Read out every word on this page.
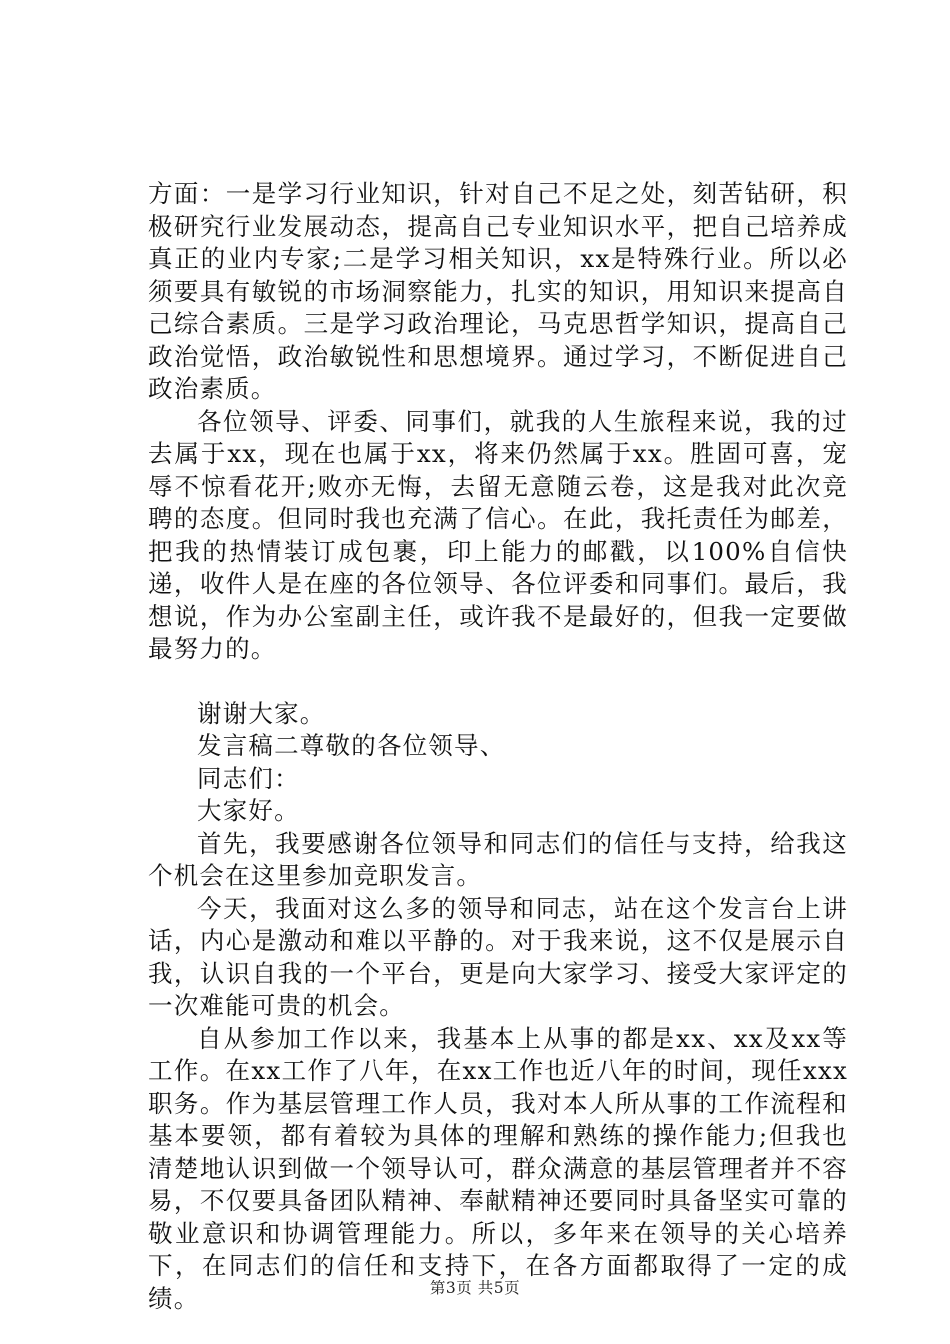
方面：一是学习行业知识，针对自己不足之处，刻苦钻研，积极研究行业发展动态，提高自己专业知识水平，把自己培养成真正的业内专家;二是学习相关知识，xx是特殊行业。所以必须要具有敏锐的市场洞察能力，扎实的知识，用知识来提高自己综合素质。三是学习政治理论，马克思哲学知识，提高自己政治觉悟，政治敏锐性和思想境界。通过学习，不断促进自己政治素质。

各位领导、评委、同事们，就我的人生旅程来说，我的过去属于xx，现在也属于xx，将来仍然属于xx。胜固可喜，宠辱不惊看花开;败亦无悔，去留无意随云卷，这是我对此次竞聘的态度。但同时我也充满了信心。在此，我托责任为邮差，把我的热情装订成包裹，印上能力的邮戳，以100%自信快递，收件人是在座的各位领导、各位评委和同事们。最后，我想说，作为办公室副主任，或许我不是最好的，但我一定要做最努力的。

谢谢大家。

发言稿二尊敬的各位领导、

同志们：

大家好。

首先，我要感谢各位领导和同志们的信任与支持，给我这个机会在这里参加竞职发言。

今天，我面对这么多的领导和同志，站在这个发言台上讲话，内心是激动和难以平静的。对于我来说，这不仅是展示自我，认识自我的一个平台，更是向大家学习、接受大家评定的一次难能可贵的机会。

自从参加工作以来，我基本上从事的都是xx、xx及xx等工作。在xx工作了八年，在xx工作也近八年的时间，现任xxx职务。作为基层管理工作人员，我对本人所从事的工作流程和基本要领，都有着较为具体的理解和熟练的操作能力;但我也清楚地认识到做一个领导认可，群众满意的基层管理者并不容易，不仅要具备团队精神、奉献精神还要同时具备坚实可靠的敬业意识和协调管理能力。所以，多年来在领导的关心培养下，在同志们的信任和支持下，在各方面都取得了一定的成绩。	第3页 共5页
